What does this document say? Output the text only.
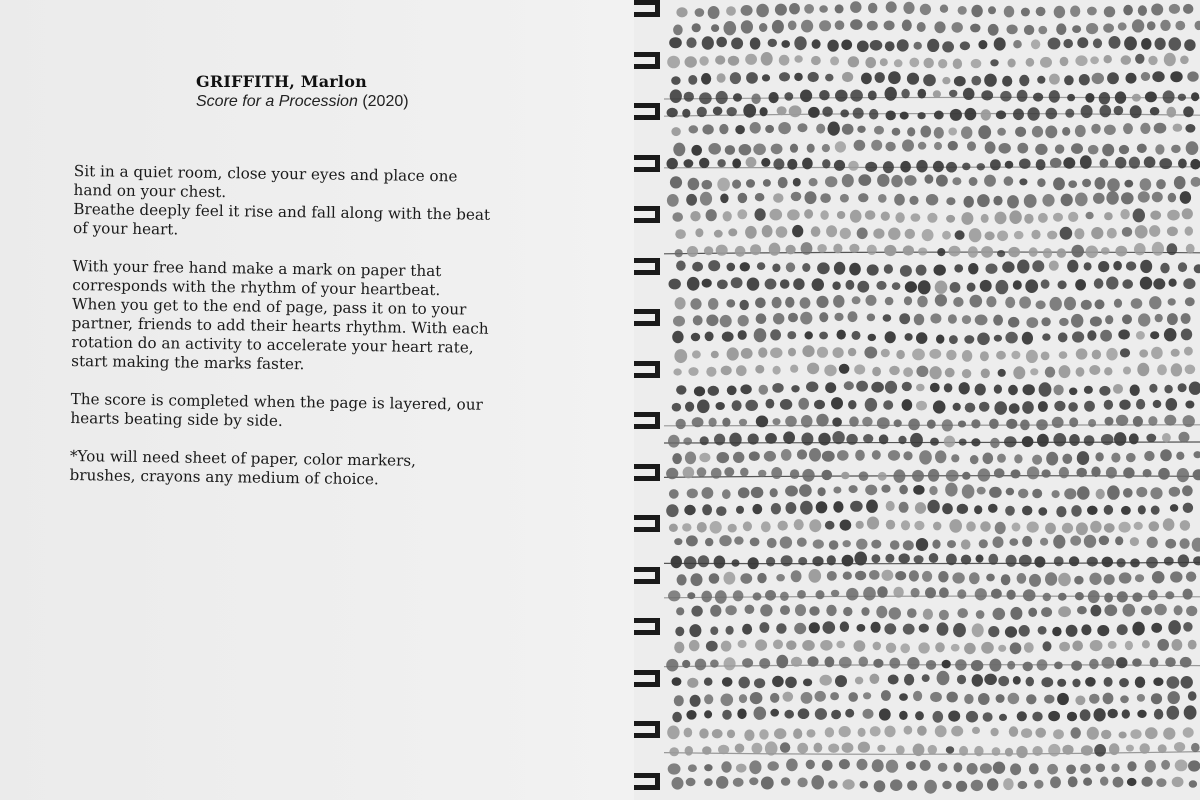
GRIFFITH, Marlon
Score for a Procession (2020)

Sit in a quiet room, close your eyes and place one
hand on your chest.
Breathe deeply feel it rise and fall along with the beat
of your heart.

With your free hand make a mark on paper that
corresponds with the rhythm of your heartbeat.
When you get to the end of page, pass it on to your
partner, friends to add their hearts rhythm. With each
rotation do an activity to accelerate your heart rate,
start making the marks faster.

The score is completed when the page is layered, our
hearts beating side by side.

*You will need sheet of paper, color markers,
brushes, crayons any medium of choice.
